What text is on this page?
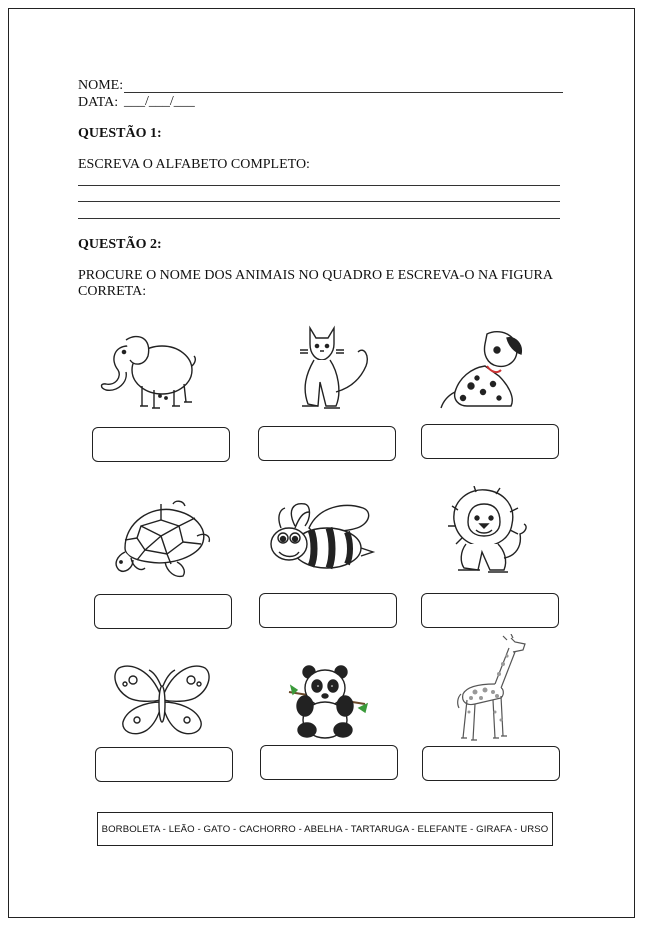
NOME:
DATA: ___/___/___
QUESTÃO 1:
ESCREVA O ALFABETO COMPLETO:
QUESTÃO 2:
PROCURE O NOME DOS ANIMAIS NO QUADRO E ESCREVA-O NA FIGURA
CORRETA:
BORBOLETA - LEÃO - GATO - CACHORRO - ABELHA - TARTARUGA - ELEFANTE - GIRAFA - URSO
